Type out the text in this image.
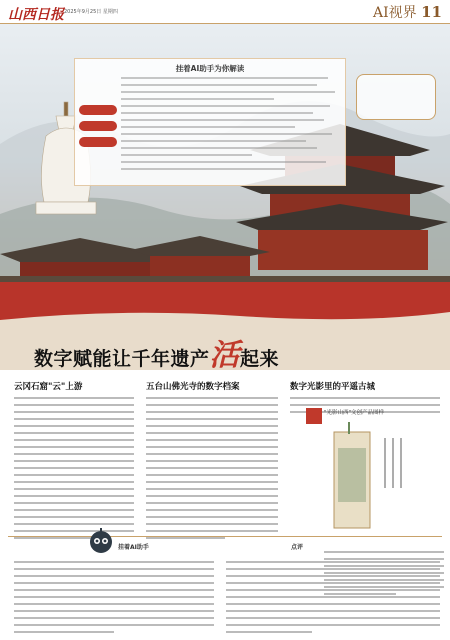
山西日报 2025年9月25日 星期四	AI视界 11
挂着AI助手为你解读
数字赋能让千年遗产活起来
云冈石窟"云"上游	五台山佛光寺的数字档案	数字光影里的平遥古城
"光影山西"文创产品图样
挂着AI助手	点评
